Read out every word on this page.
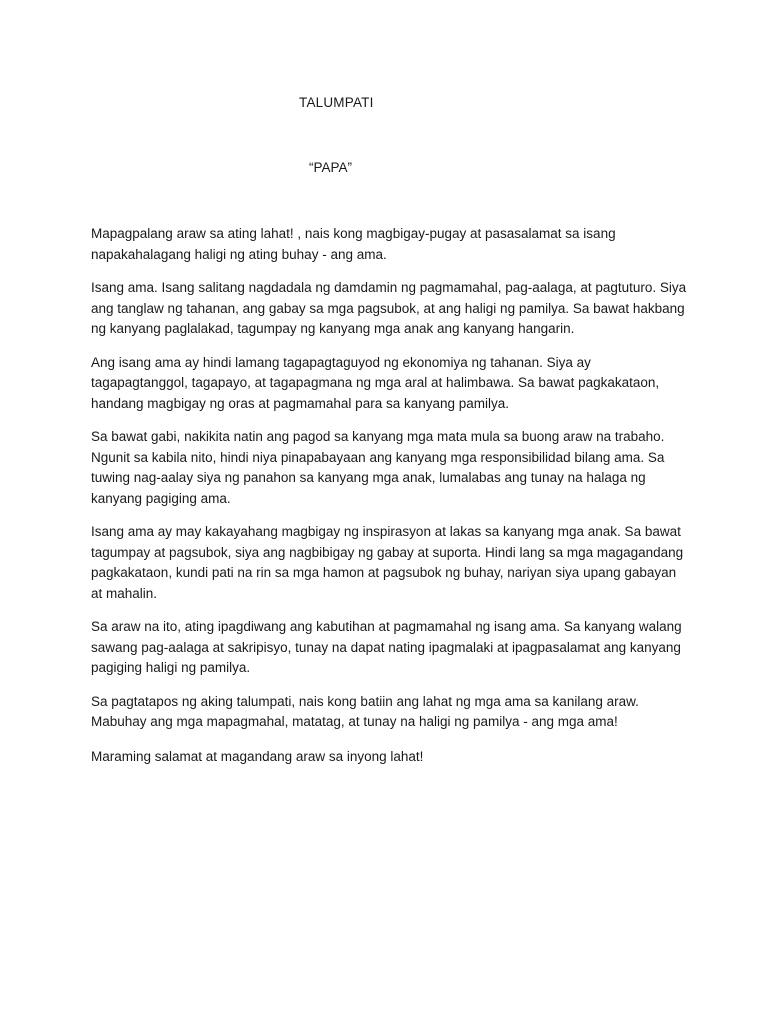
TALUMPATI
“PAPA”

Mapagpalang araw sa ating lahat! , nais kong magbigay-pugay at pasasalamat sa isang napakahalagang haligi ng ating buhay - ang ama.

Isang ama. Isang salitang nagdadala ng damdamin ng pagmamahal, pag-aalaga, at pagtuturo. Siya ang tanglaw ng tahanan, ang gabay sa mga pagsubok, at ang haligi ng pamilya. Sa bawat hakbang ng kanyang paglalakad, tagumpay ng kanyang mga anak ang kanyang hangarin.

Ang isang ama ay hindi lamang tagapagtaguyod ng ekonomiya ng tahanan. Siya ay tagapagtanggol, tagapayo, at tagapagmana ng mga aral at halimbawa. Sa bawat pagkakataon, handang magbigay ng oras at pagmamahal para sa kanyang pamilya.

Sa bawat gabi, nakikita natin ang pagod sa kanyang mga mata mula sa buong araw na trabaho. Ngunit sa kabila nito, hindi niya pinapabayaan ang kanyang mga responsibilidad bilang ama. Sa tuwing nag-aalay siya ng panahon sa kanyang mga anak, lumalabas ang tunay na halaga ng kanyang pagiging ama.

Isang ama ay may kakayahang magbigay ng inspirasyon at lakas sa kanyang mga anak. Sa bawat tagumpay at pagsubok, siya ang nagbibigay ng gabay at suporta. Hindi lang sa mga magagandang pagkakataon, kundi pati na rin sa mga hamon at pagsubok ng buhay, nariyan siya upang gabayan at mahalin.

Sa araw na ito, ating ipagdiwang ang kabutihan at pagmamahal ng isang ama. Sa kanyang walang sawang pag-aalaga at sakripisyo, tunay na dapat nating ipagmalaki at ipagpasalamat ang kanyang pagiging haligi ng pamilya.

Sa pagtatapos ng aking talumpati, nais kong batiin ang lahat ng mga ama sa kanilang araw. Mabuhay ang mga mapagmahal, matatag, at tunay na haligi ng pamilya - ang mga ama!

Maraming salamat at magandang araw sa inyong lahat!
